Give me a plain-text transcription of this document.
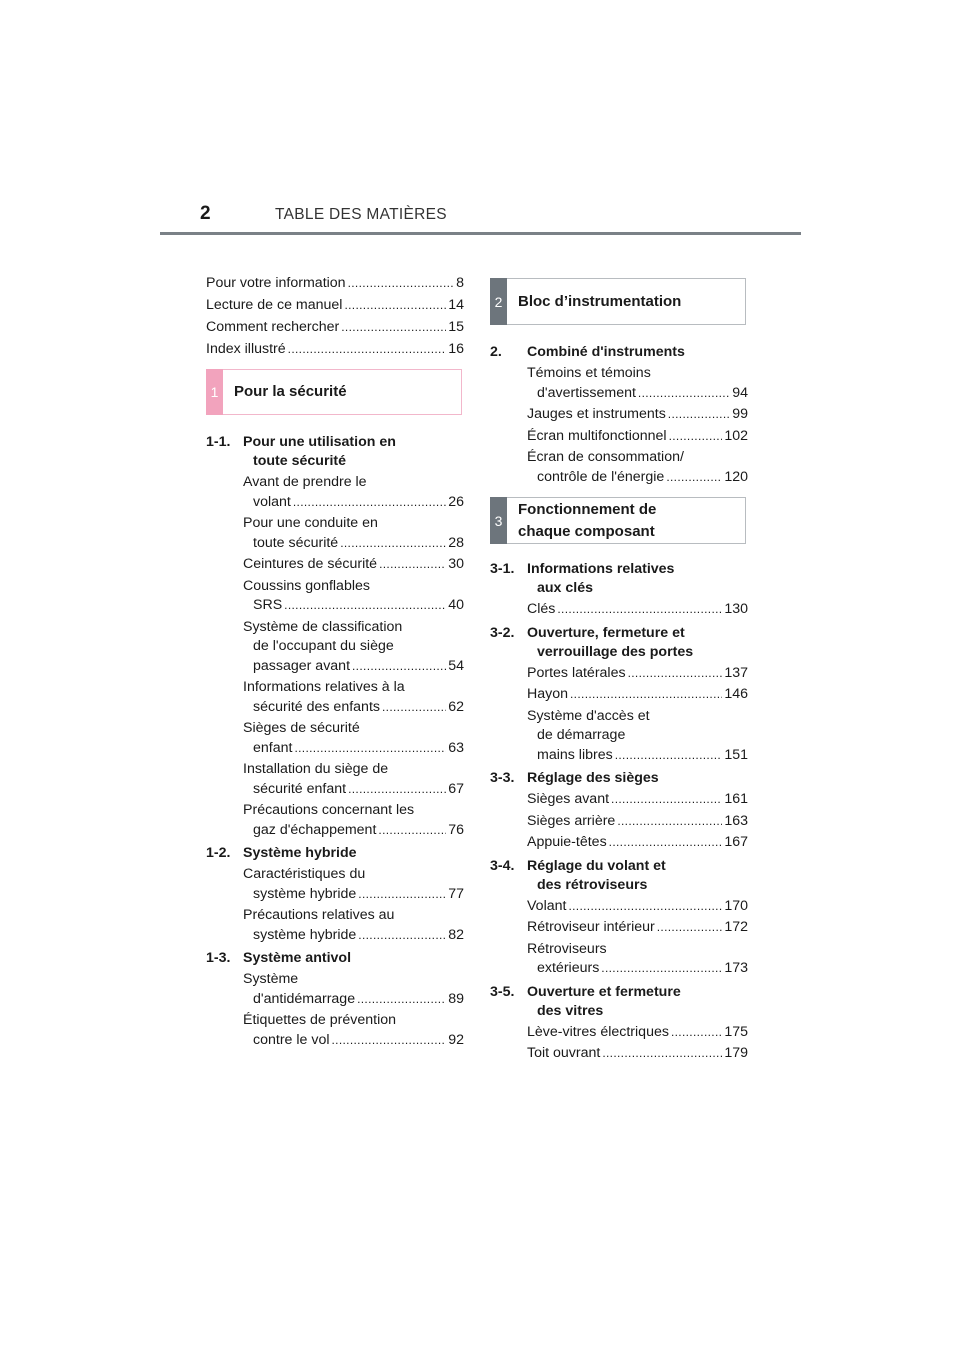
2	TABLE DES MATIÈRES
Pour votre information . . .	8
Lecture de ce manuel . . .	14
Comment rechercher . . .	15
Index illustré . . .	16
1	Pour la sécurité
1-1. Pour une utilisation en
toute sécurité
Avant de prendre le
volant . . .	26
Pour une conduite en
toute sécurité . . .	28
Ceintures de sécurité . . .	30
Coussins gonflables
SRS . . .	40
Système de classification
de l'occupant du siège
passager avant . . .	54
Informations relatives à la
sécurité des enfants . . .	62
Sièges de sécurité
enfant . . .	63
Installation du siège de
sécurité enfant . . .	67
Précautions concernant les
gaz d'échappement . . .	76
1-2. Système hybride
Caractéristiques du
système hybride . . .	77
Précautions relatives au
système hybride . . .	82
1-3. Système antivol
Système
d'antidémarrage . . .	89
Étiquettes de prévention
contre le vol . . .	92
2	Bloc d’instrumentation
2. Combiné d'instruments
Témoins et témoins
d'avertissement . . .	94
Jauges et instruments . . .	99
Écran multifonctionnel . . .	102
Écran de consommation/
contrôle de l'énergie . . .	120
3
Fonctionnement de
chaque composant
3-1. Informations relatives
aux clés
Clés . . .	130
3-2. Ouverture, fermeture et
verrouillage des portes
Portes latérales . . .	137
Hayon . . .	146
Système d'accès et
de démarrage
mains libres . . .	151
3-3. Réglage des sièges
Sièges avant . . .	161
Sièges arrière . . .	163
Appuie-têtes . . .	167
3-4. Réglage du volant et
des rétroviseurs
Volant . . .	170
Rétroviseur intérieur . . .	172
Rétroviseurs
extérieurs . . .	173
3-5. Ouverture et fermeture
des vitres
Lève-vitres électriques . . .	175
Toit ouvrant . . .	179
